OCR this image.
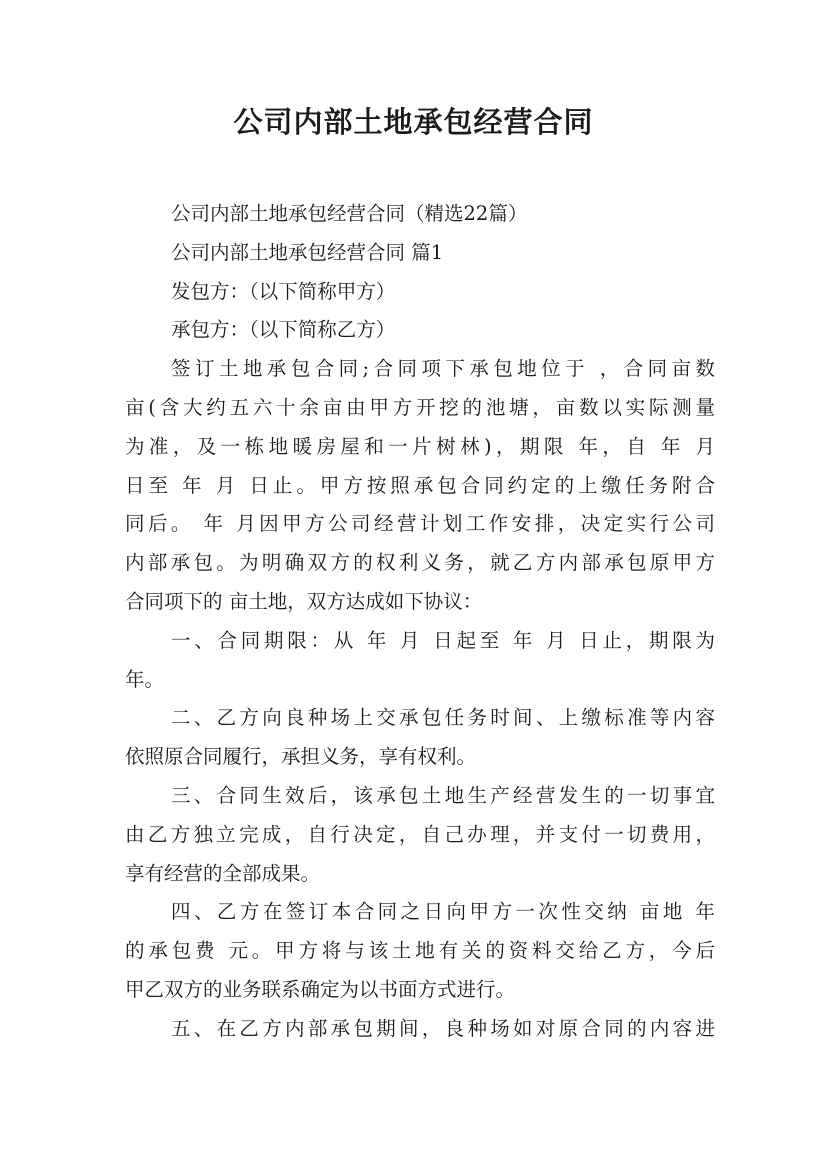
公司内部土地承包经营合同
公司内部土地承包经营合同（精选22篇）
公司内部土地承包经营合同 篇1
发包方：（以下简称甲方）
承包方：（以下简称乙方）
签订土地承包合同;合同项下承包地位于 ，合同亩数
亩(含大约五六十余亩由甲方开挖的池塘，亩数以实际测量
为准，及一栋地暖房屋和一片树林)，期限 年，自 年 月
日至 年 月 日止。甲方按照承包合同约定的上缴任务附合
同后。 年 月因甲方公司经营计划工作安排，决定实行公司
内部承包。为明确双方的权利义务，就乙方内部承包原甲方
合同项下的 亩土地，双方达成如下协议：
一、合同期限：从 年 月 日起至 年 月 日止，期限为
年。
二、乙方向良种场上交承包任务时间、上缴标准等内容
依照原合同履行，承担义务，享有权利。
三、合同生效后，该承包土地生产经营发生的一切事宜
由乙方独立完成，自行决定，自己办理，并支付一切费用，
享有经营的全部成果。
四、乙方在签订本合同之日向甲方一次性交纳 亩地 年
的承包费 元。甲方将与该土地有关的资料交给乙方，今后
甲乙双方的业务联系确定为以书面方式进行。
五、在乙方内部承包期间，良种场如对原合同的内容进
